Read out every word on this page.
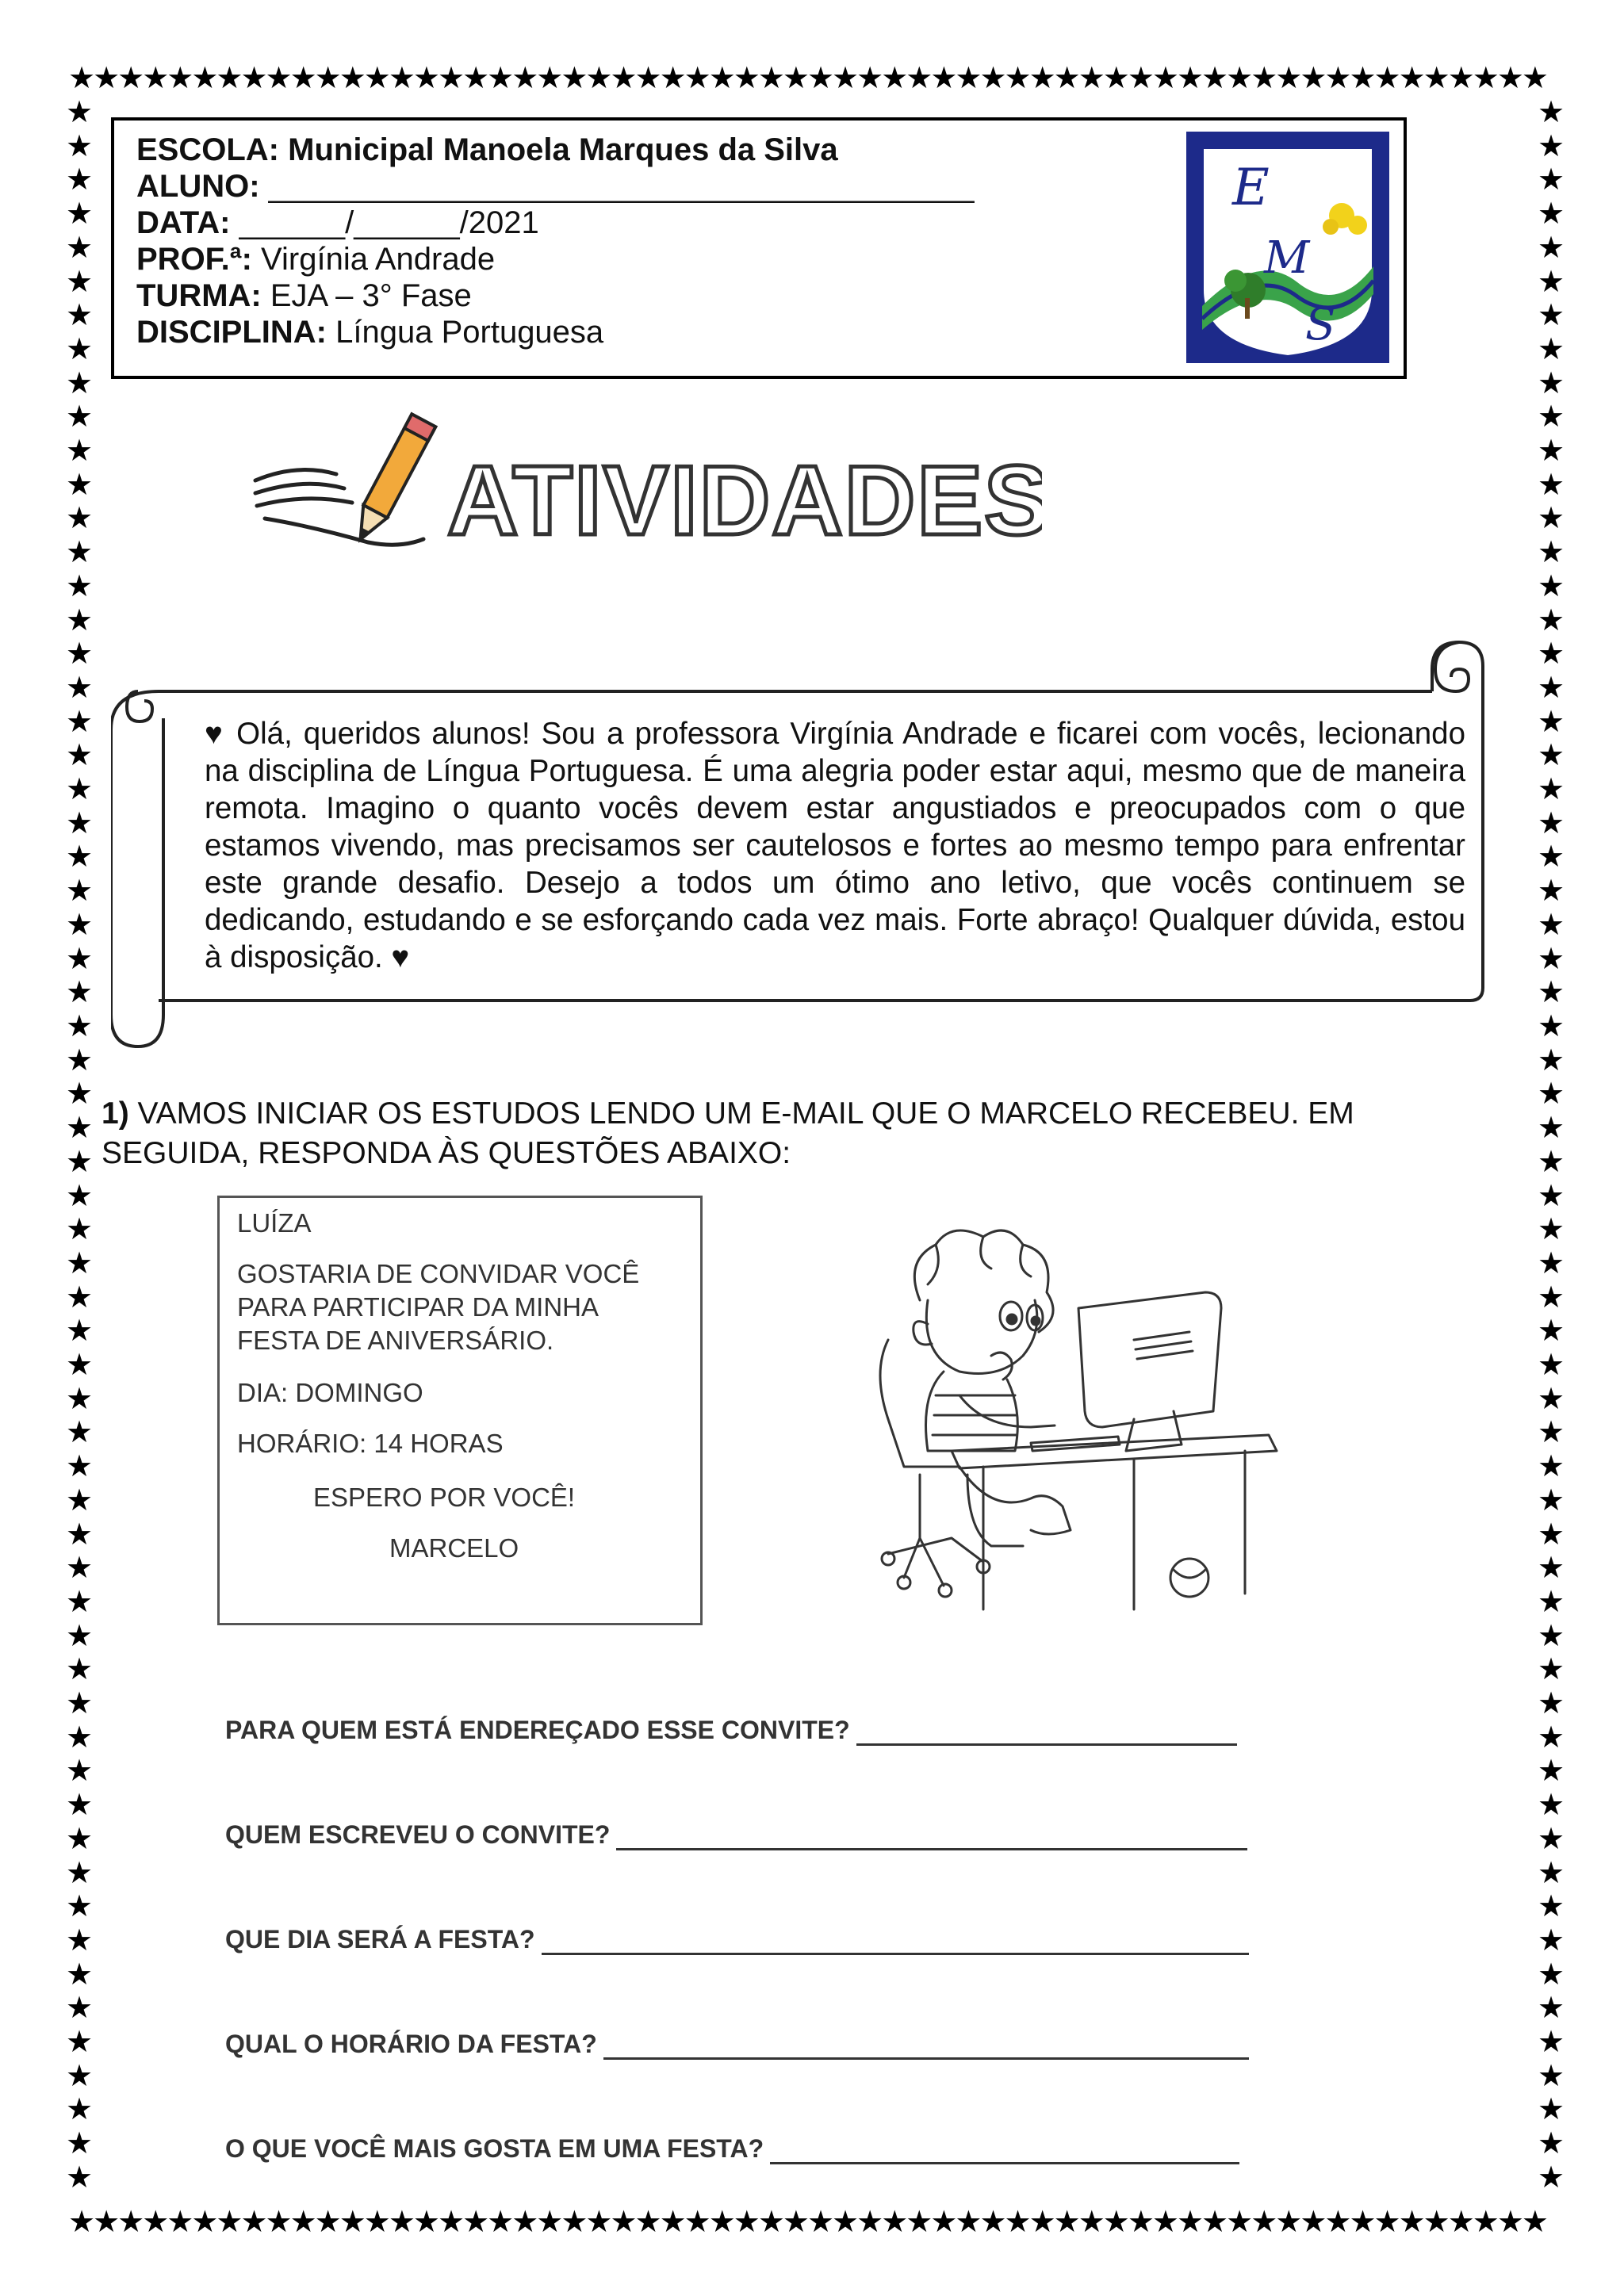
★★★★★★★★★★★★★★★★★★★★★★★★★★★★★★★★★★★★★★★★★★★★★★★★★★★★★★★★★★★★
★★★★★★★★★★★★★★★★★★★★★★★★★★★★★★★★★★★★★★★★★★★★★★★★★★★★★★★★★★★★
★
★
★
★
★
★
★
★
★
★
★
★
★
★
★
★
★
★
★
★
★
★
★
★
★
★
★
★
★
★
★
★
★
★
★
★
★
★
★
★
★
★
★
★
★
★
★
★
★
★
★
★
★
★
★
★
★
★
★
★
★
★
★
★
★
★
★
★
★
★
★
★
★
★
★
★
★
★
★
★
★
★
★
★
★
★
★
★
★
★
★
★
★
★
★
★
★
★
★
★
★
★
★
★
★
★
★
★
★
★
★
★
★
★
★
★
★
★
★
★
★
★
★
★
ESCOLA: Municipal Manoela Marques da Silva
ALUNO: ________________________________________
DATA: ______/______/2021
PROF.ª: Virgínia Andrade
TURMA: EJA – 3° Fase
DISCIPLINA: Língua Portuguesa
E
M
S
ATIVIDADES
♥ Olá, queridos alunos! Sou a professora Virgínia Andrade e ficarei com vocês, lecionando na disciplina de Língua Portuguesa. É uma alegria poder estar aqui, mesmo que de maneira remota. Imagino o quanto vocês devem estar angustiados e preocupados com o que estamos vivendo, mas precisamos ser cautelosos e fortes ao mesmo tempo para enfrentar este grande desafio. Desejo a todos um ótimo ano letivo, que vocês continuem se dedicando, estudando e se esforçando cada vez mais. Forte abraço! Qualquer dúvida, estou à disposição. ♥
1) VAMOS INICIAR OS ESTUDOS LENDO UM E-MAIL QUE O MARCELO RECEBEU. EM SEGUIDA, RESPONDA ÀS QUESTÕES ABAIXO:
LUÍZA
GOSTARIA DE CONVIDAR VOCÊ
PARA PARTICIPAR DA MINHA
FESTA DE ANIVERSÁRIO.
DIA: DOMINGO
HORÁRIO: 14 HORAS
ESPERO POR VOCÊ!
MARCELO
PARA QUEM ESTÁ ENDEREÇADO ESSE CONVITE?
QUEM ESCREVEU O CONVITE?
QUE DIA SERÁ A FESTA?
QUAL O HORÁRIO DA FESTA?
O QUE VOCÊ MAIS GOSTA EM UMA FESTA?
